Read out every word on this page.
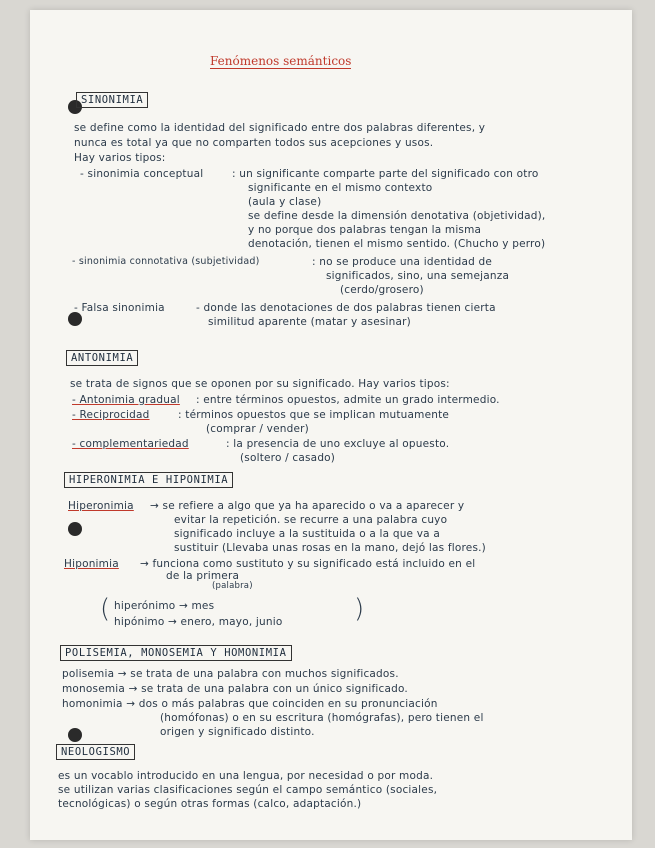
Fenómenos semánticos
SINONIMIA
se define como la identidad del significado entre dos palabras diferentes, y
nunca es total ya que no comparten todos sus acepciones y usos.
Hay varios tipos:
- sinonimia conceptual	: un significante comparte parte del significado con otro
significante en el mismo contexto
(aula y clase)
se define desde la dimensión denotativa (objetividad),
y no porque dos palabras tengan la misma
denotación, tienen el mismo sentido. (Chucho y perro)
- sinonimia connotativa (subjetividad)	: no se produce una identidad de
significados, sino, una semejanza
(cerdo/grosero)
- Falsa sinonimia	- donde las denotaciones de dos palabras tienen cierta
similitud aparente (matar y asesinar)
ANTONIMIA
se trata de signos que se oponen por su significado. Hay varios tipos:
- Antonimia gradual : entre términos opuestos, admite un grado intermedio.
- Reciprocidad	: términos opuestos que se implican mutuamente
(comprar / vender)
- complementariedad	: la presencia de uno excluye al opuesto.
(soltero / casado)
HIPERONIMIA E HIPONIMIA
Hiperonimia → se refiere a algo que ya ha aparecido o va a aparecer y
evitar la repetición. se recurre a una palabra cuyo
significado incluye a la sustituida o a la que va a
sustituir (Llevaba unas rosas en la mano, dejó las flores.)
Hiponimia → funciona como sustituto y su significado está incluido en el
de la primera
(palabra)
( hiperónimo → mes
hipónimo → enero, mayo, junio	)
POLISEMIA, MONOSEMIA Y HOMONIMIA
polisemia → se trata de una palabra con muchos significados.
monosemia → se trata de una palabra con un único significado.
homonimia → dos o más palabras que coinciden en su pronunciación
(homófonas) o en su escritura (homógrafas), pero tienen el
origen y significado distinto.
NEOLOGISMO
es un vocablo introducido en una lengua, por necesidad o por moda.
se utilizan varias clasificaciones según el campo semántico (sociales,
tecnológicas) o según otras formas (calco, adaptación.)
